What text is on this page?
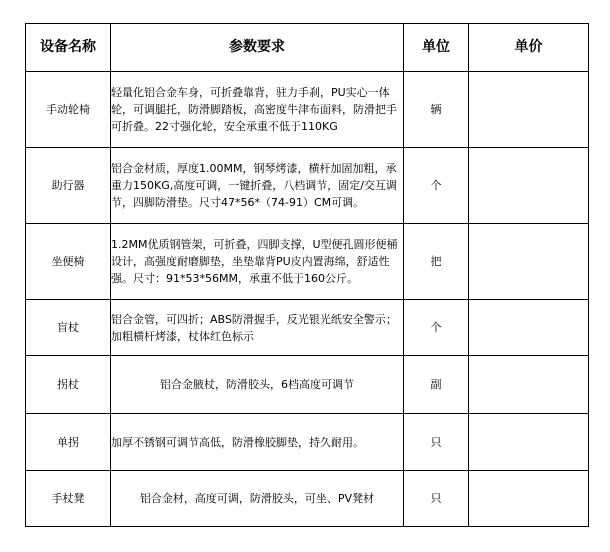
设备名称	参数要求	单位	单价
手动轮椅	轻量化铝合金车身，可折叠靠背，驻力手刹，PU实心一体轮，可调腿托，防滑脚踏板，高密度牛津布面料，防滑把手可折叠。22寸强化轮，安全承重不低于110KG	辆	
助行器	铝合金材质，厚度1.00MM，钢琴烤漆，横杆加固加粗，承重力150KG,高度可调，一键折叠，八档调节，固定/交互调节，四脚防滑垫。尺寸47*56*（74-91）CM可调。	个	
坐便椅	1.2MM优质钢管架，可折叠，四脚支撑，U型便孔圆形便桶设计，高强度耐磨脚垫，坐垫靠背PU皮内置海绵，舒适性强。尺寸：91*53*56MM，承重不低于160公斤。	把	
盲杖	铝合金管，可四折；ABS防滑握手，反光银光纸安全警示；加粗横杆烤漆，杖体红色标示	个	
拐杖	铝合金腋杖，防滑胶头，6档高度可调节	副	
单拐	加厚不锈钢可调节高低，防滑橡胶脚垫，持久耐用。	只	
手杖凳	铝合金材，高度可调，防滑胶头，可坐、PV凳材	只	
